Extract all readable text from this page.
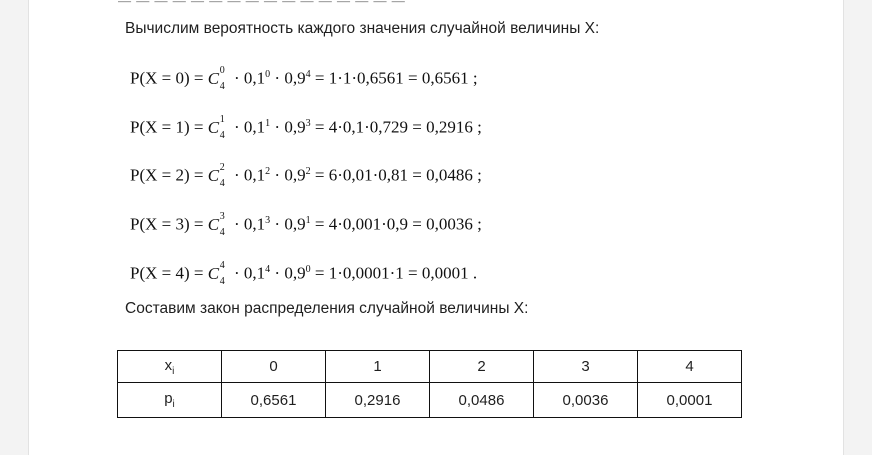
Вычислим вероятность каждого значения случайной величины X:
P(X = 0) = C 0
$4 \cdot 0,1^0 \cdot 0,9^4 = 1\cdot 1\cdot 0,6561 = 0,6561$ ;
P(X = 1) = C 1
$4 \cdot 0,1^1 \cdot 0,9^3 = 4\cdot 0,1\cdot 0,729 = 0,2916$ ;
P(X = 2) = C 2
$4 \cdot 0,1^2 \cdot 0,9^2 = 6\cdot 0,01\cdot 0,81 = 0,0486$ ;
P(X = 3) = C 3
$4 \cdot 0,1^3 \cdot 0,9^1 = 4\cdot 0,001\cdot 0,9 = 0,0036$ ;
P(X = 4) = C 4
$4 \cdot 0,1^4 \cdot 0,9^0 = 1\cdot 0,0001\cdot 1 = 0,0001$ .
Составим закон распределения случайной величины X:
$x_i$	0	1	2	3	4
$p_i$	0,6561	0,2916	0,0486	0,0036	0,0001
